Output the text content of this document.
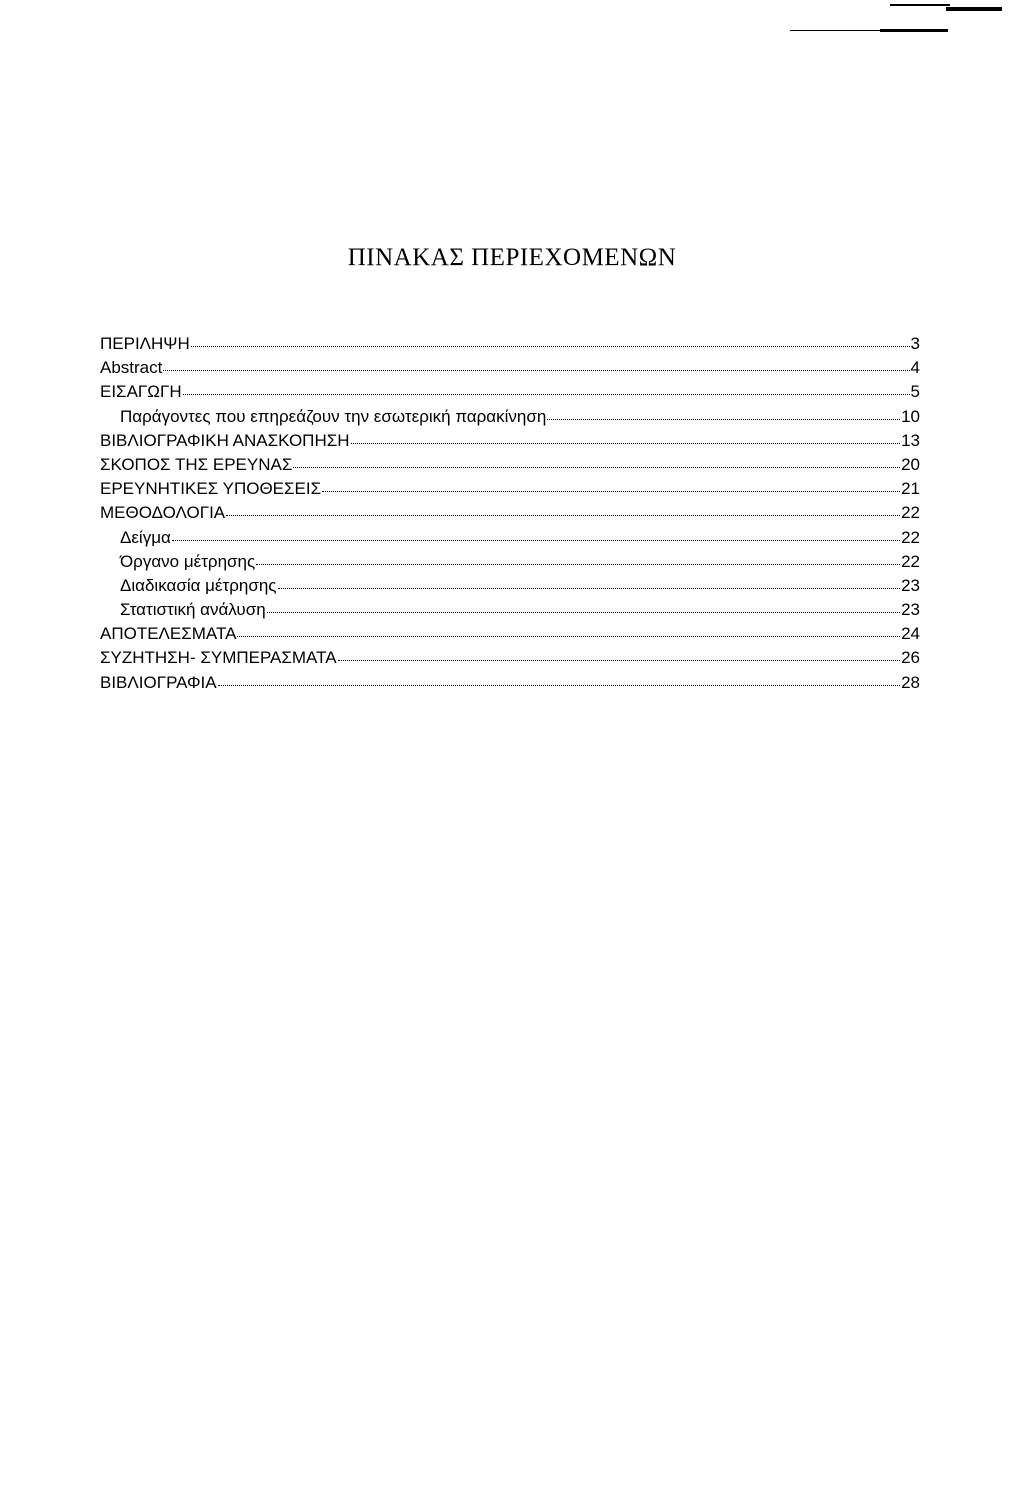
ΠΙΝΑΚΑΣ ΠΕΡΙΕΧΟΜΕΝΩΝ
ΠΕΡΙΛΗΨΗ	3
Abstract	4
ΕΙΣΑΓΩΓΗ	5
Παράγοντες που επηρεάζουν την εσωτερική παρακίνηση	10
ΒΙΒΛΙΟΓΡΑΦΙΚΗ ΑΝΑΣΚΟΠΗΣΗ	13
ΣΚΟΠΟΣ ΤΗΣ ΕΡΕΥΝΑΣ	20
ΕΡΕΥΝΗΤΙΚΕΣ ΥΠΟΘΕΣΕΙΣ	21
ΜΕΘΟΔΟΛΟΓΙΑ	22
Δείγμα	22
Όργανο μέτρησης	22
Διαδικασία μέτρησης	23
Στατιστική ανάλυση	23
ΑΠΟΤΕΛΕΣΜΑΤΑ	24
ΣΥΖΗΤΗΣΗ- ΣΥΜΠΕΡΑΣΜΑΤΑ	26
ΒΙΒΛΙΟΓΡΑΦΙΑ	28
